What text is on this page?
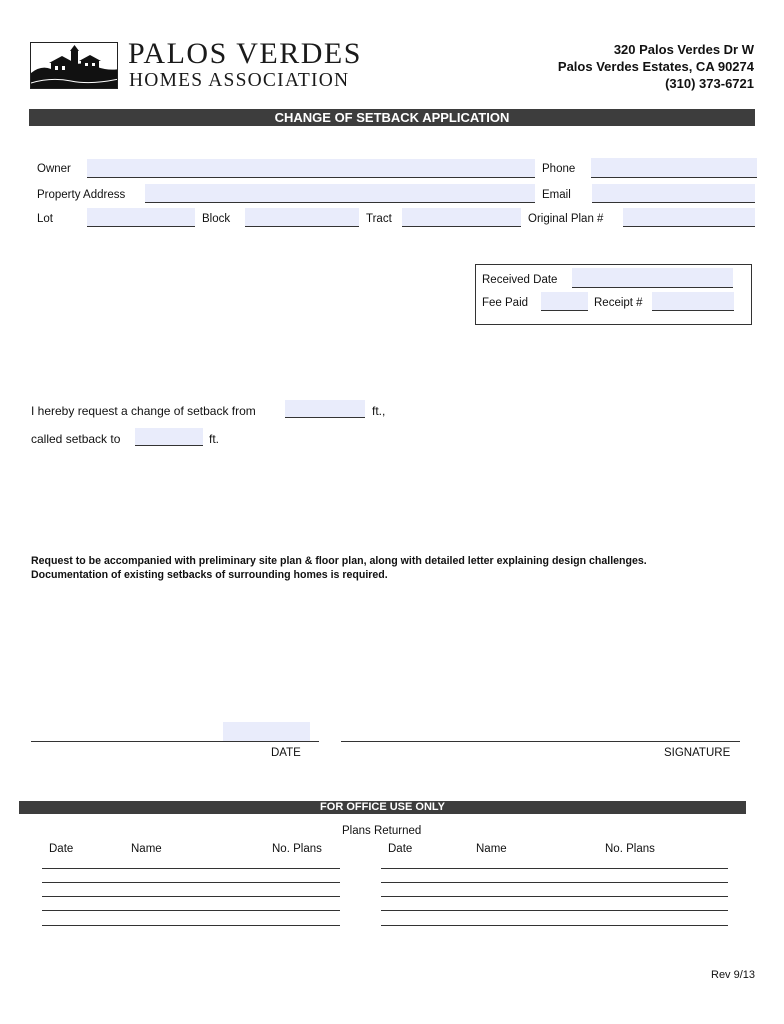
PALOS VERDES
HOMES ASSOCIATION
320 Palos Verdes Dr W
Palos Verdes Estates, CA 90274
(310) 373-6721
CHANGE OF SETBACK APPLICATION
Owner	Phone
Property Address	Email
Lot	Block	Tract	Original Plan #
Received Date
Fee Paid	Receipt #
I hereby request a change of setback from	ft.,
called setback to	ft.
Request to be accompanied with preliminary site plan & floor plan, along with detailed letter explaining design challenges.
Documentation of existing setbacks of surrounding homes is required.
DATE	SIGNATURE
FOR OFFICE USE ONLY
Plans Returned
Date	Name	No. Plans	Date	Name	No. Plans
Rev 9/13
